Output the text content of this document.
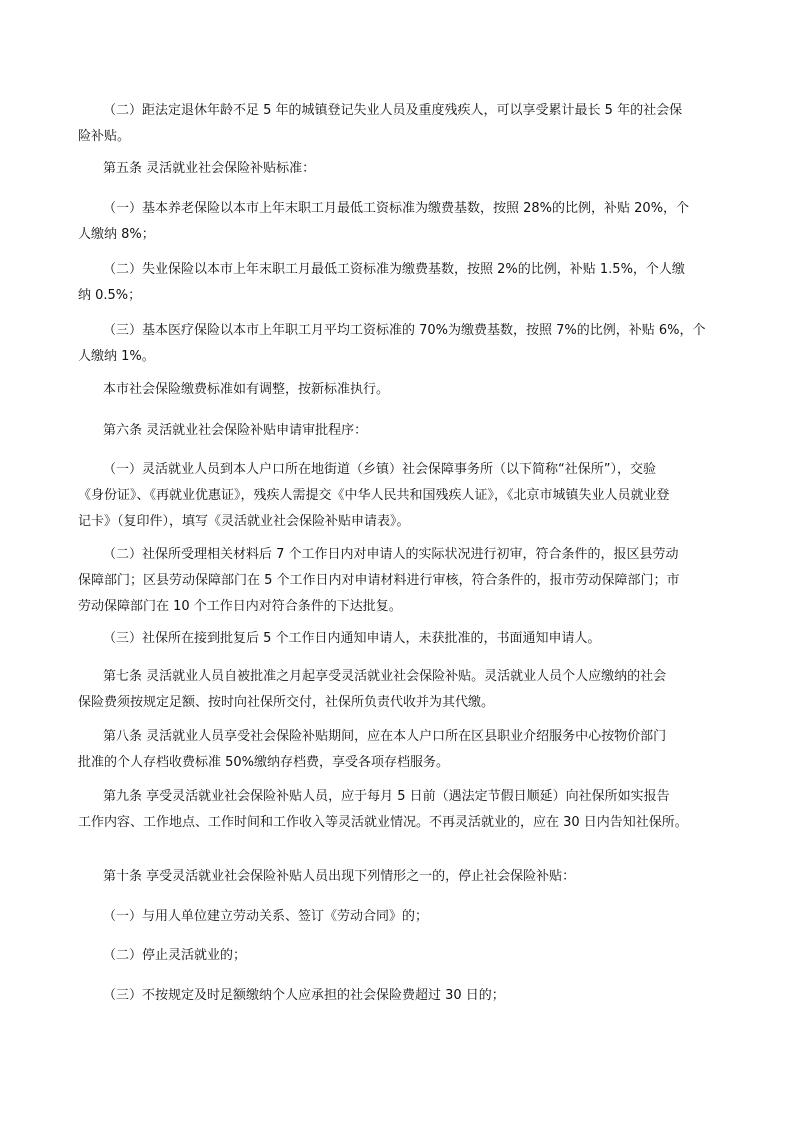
（二）距法定退休年龄不足 5 年的城镇登记失业人员及重度残疾人，可以享受累计最长 5 年的社会保
险补贴。

第五条 灵活就业社会保险补贴标准：

（一）基本养老保险以本市上年末职工月最低工资标准为缴费基数，按照 28%的比例，补贴 20%，个
人缴纳 8%；

（二）失业保险以本市上年末职工月最低工资标准为缴费基数，按照 2%的比例，补贴 1.5%，个人缴
纳 0.5%；

（三）基本医疗保险以本市上年职工月平均工资标准的 70%为缴费基数，按照 7%的比例，补贴 6%，个
人缴纳 1%。

本市社会保险缴费标准如有调整，按新标准执行。

第六条 灵活就业社会保险补贴申请审批程序：

（一）灵活就业人员到本人户口所在地街道（乡镇）社会保障事务所（以下简称“社保所”），交验
《身份证》、《再就业优惠证》，残疾人需提交《中华人民共和国残疾人证》，《北京市城镇失业人员就业登
记卡》（复印件），填写《灵活就业社会保险补贴申请表》。

（二）社保所受理相关材料后 7 个工作日内对申请人的实际状况进行初审，符合条件的，报区县劳动
保障部门；区县劳动保障部门在 5 个工作日内对申请材料进行审核，符合条件的，报市劳动保障部门；市
劳动保障部门在 10 个工作日内对符合条件的下达批复。

（三）社保所在接到批复后 5 个工作日内通知申请人，未获批准的，书面通知申请人。

第七条 灵活就业人员自被批准之月起享受灵活就业社会保险补贴。灵活就业人员个人应缴纳的社会
保险费须按规定足额、按时向社保所交付，社保所负责代收并为其代缴。

第八条 灵活就业人员享受社会保险补贴期间，应在本人户口所在区县职业介绍服务中心按物价部门
批准的个人存档收费标准 50%缴纳存档费，享受各项存档服务。

第九条 享受灵活就业社会保险补贴人员，应于每月 5 日前（遇法定节假日顺延）向社保所如实报告
工作内容、工作地点、工作时间和工作收入等灵活就业情况。不再灵活就业的，应在 30 日内告知社保所。

第十条 享受灵活就业社会保险补贴人员出现下列情形之一的，停止社会保险补贴：

（一）与用人单位建立劳动关系、签订《劳动合同》的；

（二）停止灵活就业的；

（三）不按规定及时足额缴纳个人应承担的社会保险费超过 30 日的；
